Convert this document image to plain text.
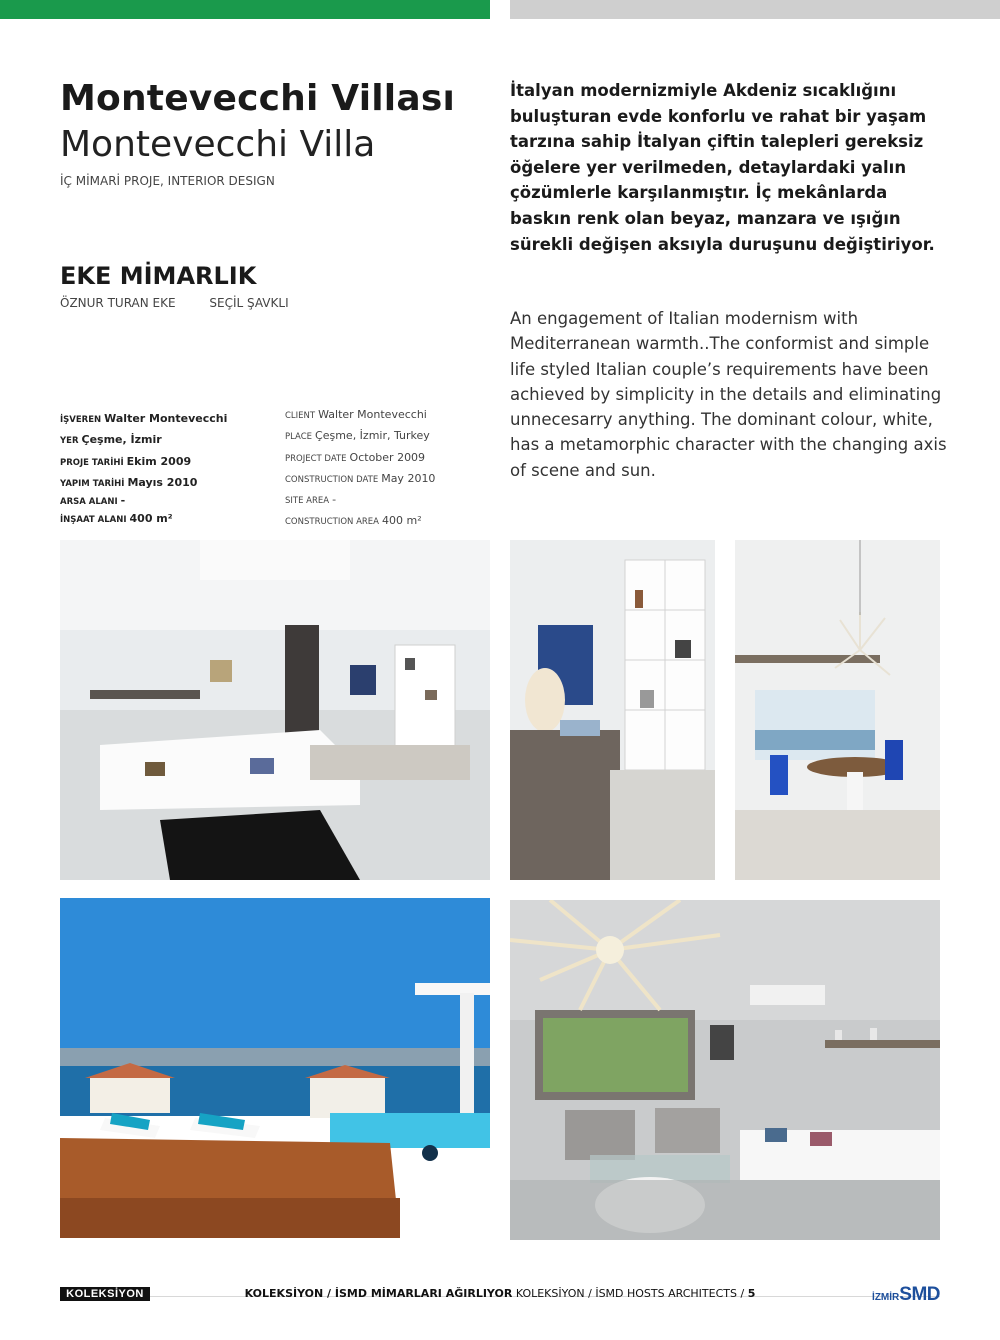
Montevecchi Villası
Montevecchi Villa
İÇ MİMARİ PROJE, INTERIOR DESIGN
EKE MİMARLIK
ÖZNUR TURAN EKE	SEÇİL ŞAVKLI
İŞVEREN Walter Montevecchi
YER Çeşme, İzmir
PROJE TARİHİ Ekim 2009
YAPIM TARİHİ Mayıs 2010
ARSA ALANI -
İNŞAAT ALANI 400 m²
CLIENT Walter Montevecchi
PLACE Çeşme, İzmir, Turkey
PROJECT DATE October 2009
CONSTRUCTION DATE May 2010
SITE AREA -
CONSTRUCTION AREA 400 m²

İtalyan modernizmiyle Akdeniz sıcaklığını buluşturan evde konforlu ve rahat bir yaşam tarzına sahip İtalyan çiftin talepleri gereksiz öğelere yer verilmeden, detaylardaki yalın çözümlerle karşılanmıştır. İç mekânlarda baskın renk olan beyaz, manzara ve ışığın sürekli değişen aksıyla duruşunu değiştiriyor.

An engagement of Italian modernism with Mediterranean warmth..The conformist and simple life styled Italian couple’s requirements have been achieved by simplicity in the details and eliminating unnecesarry anything. The dominant colour, white, has a metamorphic character with the changing axis of scene and sun.

KOLEKSİYON	KOLEKSİYON / İSMD MİMARLARI AĞIRLIYOR KOLEKSİYON / İSMD HOSTS ARCHITECTS / 5	İZMİRSMD
